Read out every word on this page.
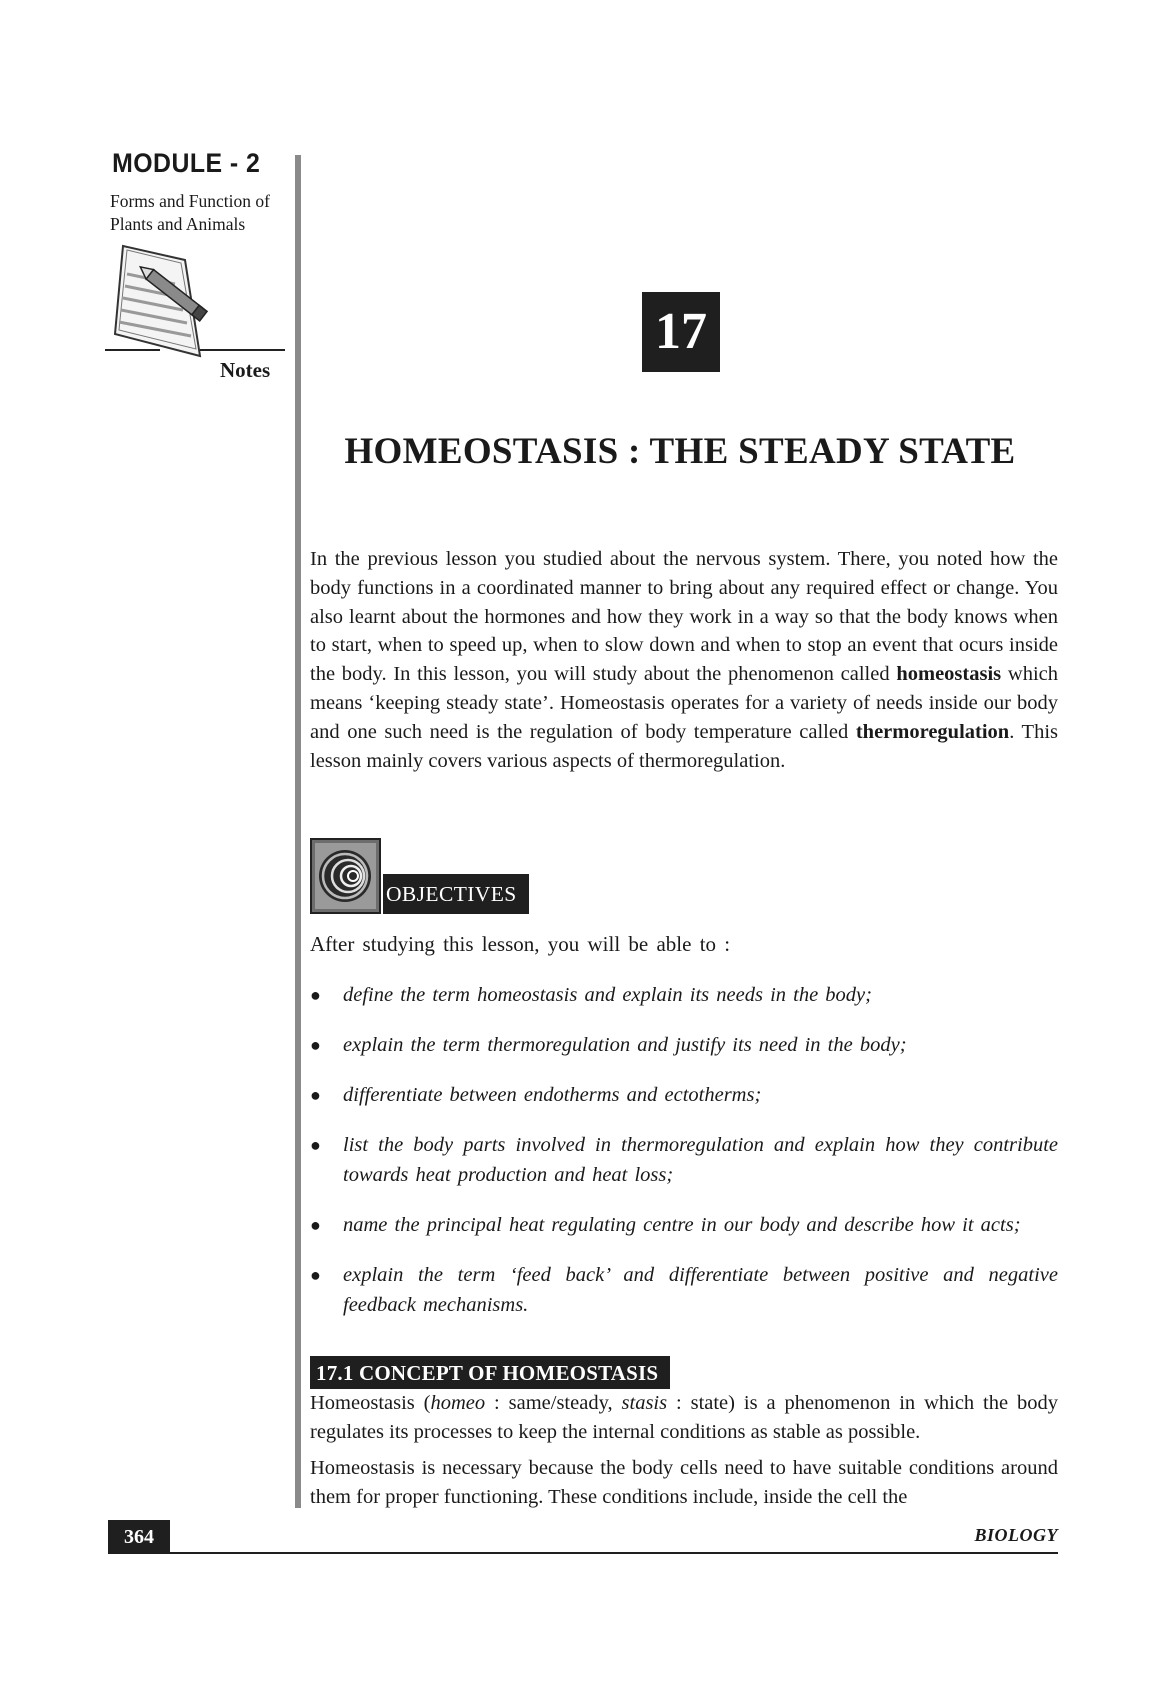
MODULE - 2
Forms and Function of
Plants and Animals
Notes
17
HOMEOSTASIS : THE STEADY STATE

In the previous lesson you studied about the nervous system. There, you noted how the body functions in a coordinated manner to bring about any required effect or change. You also learnt about the hormones and how they work in a way so that the body knows when to start, when to speed up, when to slow down and when to stop an event that ocurs inside the body. In this lesson, you will study about the phenomenon called homeostasis which means ‘keeping steady state’. Homeostasis operates for a variety of needs inside our body and one such need is the regulation of body temperature called thermoregulation. This lesson mainly covers various aspects of thermoregulation.

OBJECTIVES
After studying this lesson, you will be able to :
● define the term homeostasis and explain its needs in the body;
● explain the term thermoregulation and justify its need in the body;
● differentiate between endotherms and ectotherms;
● list the body parts involved in thermoregulation and explain how they contribute towards heat production and heat loss;
● name the principal heat regulating centre in our body and describe how it acts;
● explain the term ‘feed back’ and differentiate between positive and negative feedback mechanisms.
17.1 CONCEPT OF HOMEOSTASIS

Homeostasis (homeo : same/steady, stasis : state) is a phenomenon in which the body regulates its processes to keep the internal conditions as stable as possible.

Homeostasis is necessary because the body cells need to have suitable conditions around them for proper functioning. These conditions include, inside the cell the

364	BIOLOGY
